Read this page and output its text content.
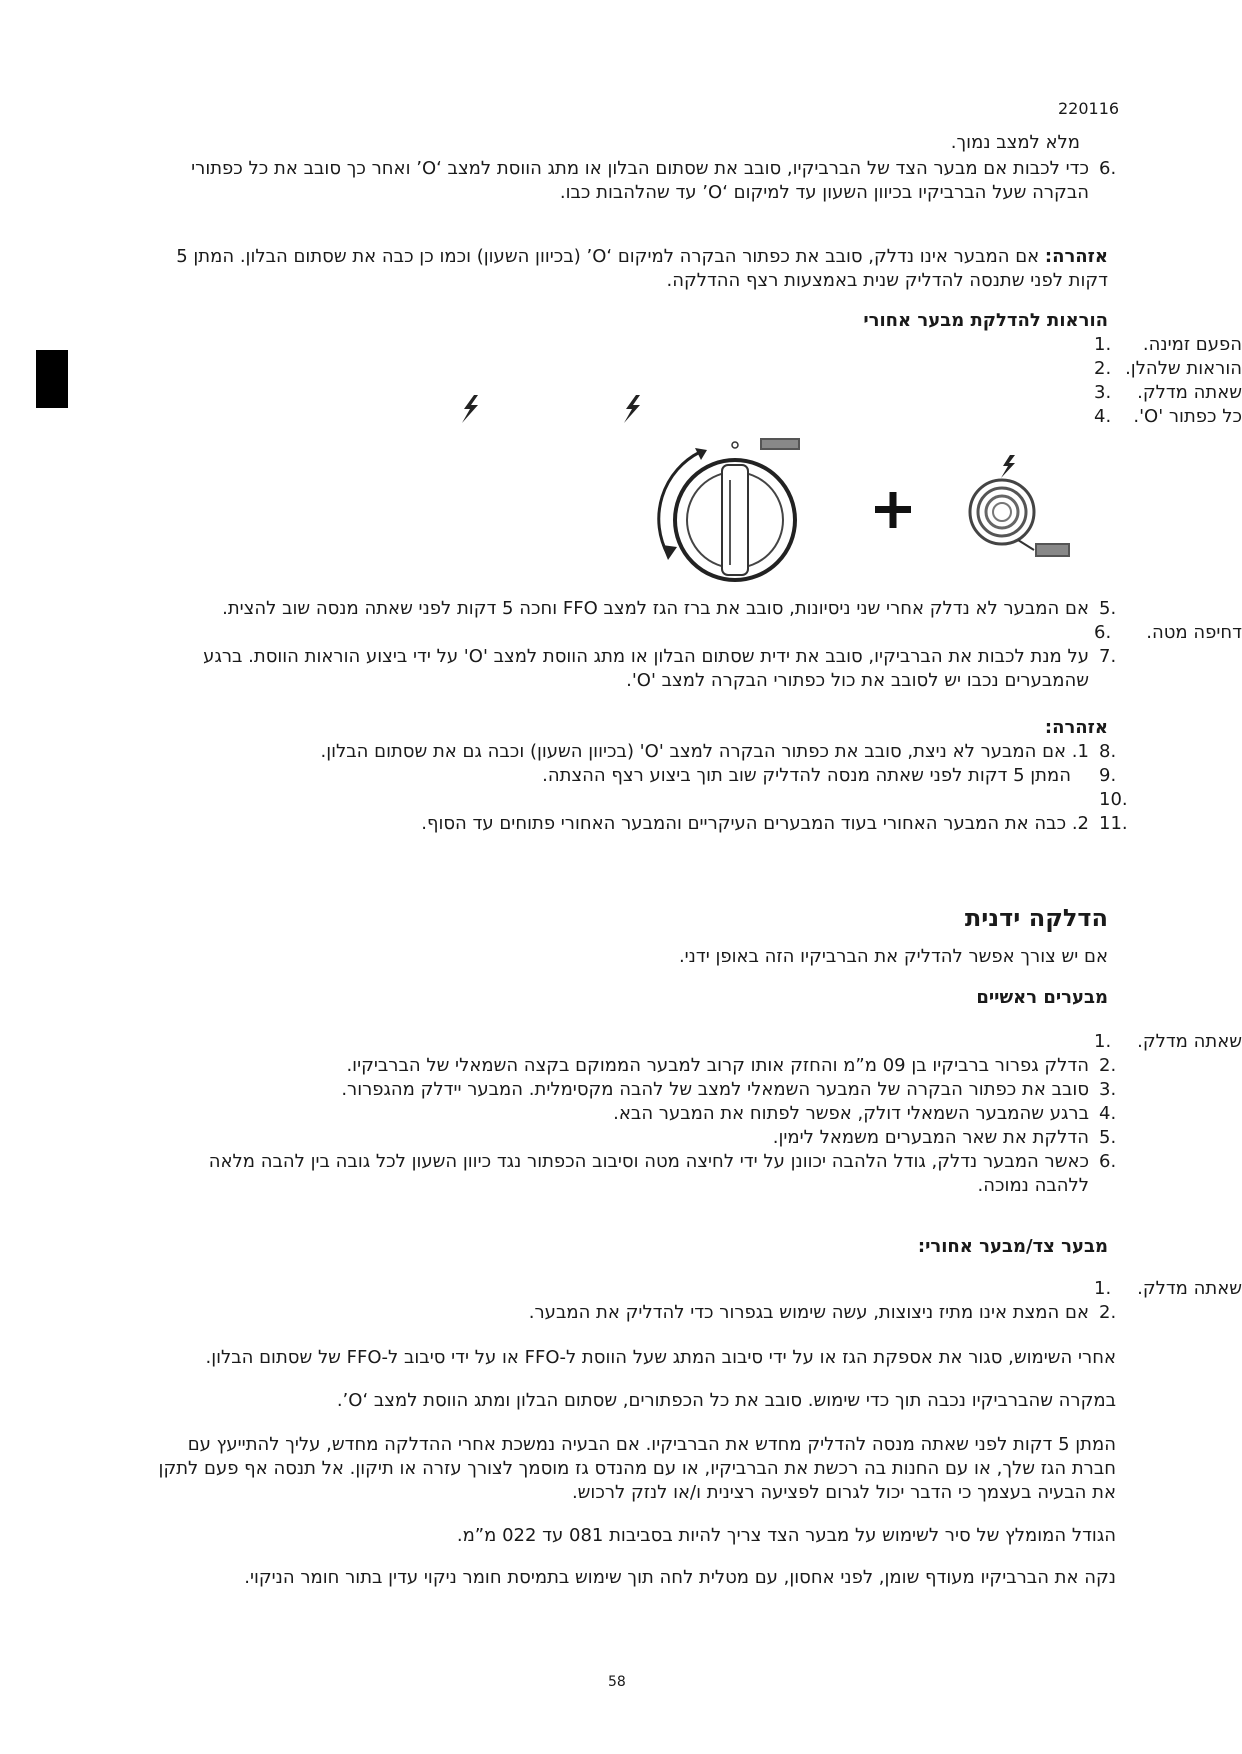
220116
מלא למצב נמוך.
6.
כדי לכבות אם מבער הצד של הברביקיו, סובב את שסתום הבלון או מתג הווסת למצב ‘O’ ואחר כך סובב את כל כפתורי
הבקרה שעל הברביקיו בכיוון השעון עד למיקום ‘O’ עד שהלהבות כבו.
אזהרה: אם המבער אינו נדלק, סובב את כפתור הבקרה למיקום ‘O’ (בכיוון השעון) וכמו כן כבה את שסתום הבלון. המתן 5
דקות לפני שתנסה להדליק שנית באמצעות רצף ההדלקה.
הוראות להדלקת מבער אחורי
הפעם זמינה.
הוראות שלהלן.
שאתה מדלק.
כל כפתור 'O'.
1.
2.
3.
4.
5.
אם המבער לא נדלק אחרי שני ניסיונות, סובב את ברז הגז למצב FFO וחכה 5 דקות לפני שאתה מנסה שוב להצית.
דחיפה מטה.
6.
7.
על מנת לכבות את הברביקיו, סובב את ידית שסתום הבלון או מתג הווסת למצב 'O' על ידי ביצוע הוראות הווסת. ברגע
שהמבערים נכבו יש לסובב את כול כפתורי הבקרה למצב 'O'.
אזהרה:
8.
1. אם המבער לא ניצת, סובב את כפתור הבקרה למצב 'O' (בכיוון השעון) וכבה גם את שסתום הבלון.
9.
המתן 5 דקות לפני שאתה מנסה להדליק שוב תוך ביצוע רצף ההצתה.
10.
11.
2. כבה את המבער האחורי בעוד המבערים העיקריים והמבער האחורי פתוחים עד הסוף.
הדלקה ידנית
אם יש צורך אפשר להדליק את הברביקיו הזה באופן ידני.
מבערים ראשיים
שאתה מדלק.
1.
2.
הדלק גפרור ברביקיו בן 09 מ”מ והחזק אותו קרוב למבער הממוקם בקצה השמאלי של הברביקיו.
3.
סובב את כפתור הבקרה של המבער השמאלי למצב של להבה מקסימלית. המבער יידלק מהגפרור.
4.
ברגע שהמבער השמאלי דולק, אפשר לפתוח את המבער הבא.
5.
הדלקת את שאר המבערים משמאל לימין.
6.
כאשר המבער נדלק, גודל הלהבה יכוונן על ידי לחיצה מטה וסיבוב הכפתור נגד כיוון השעון לכל גובה בין להבה מלאה
ללהבה נמוכה.
מבער צד/מבער אחורי:
שאתה מדלק.
1.
2.
אם המצת אינו מתיז ניצוצות, עשה שימוש בגפרור כדי להדליק את המבער.
אחרי השימוש, סגור את אספקת הגז או על ידי סיבוב המתג שעל הווסת ל-FFO או על ידי סיבוב ל-FFO של שסתום הבלון.
במקרה שהברביקיו נכבה תוך כדי שימוש. סובב את כל הכפתורים, שסתום הבלון ומתג הווסת למצב ‘O’.
המתן 5 דקות לפני שאתה מנסה להדליק מחדש את הברביקיו. אם הבעיה נמשכת אחרי ההדלקה מחדש, עליך להתייעץ עם
חברת הגז שלך, או עם החנות בה רכשת את הברביקיו, או עם מהנדס גז מוסמך לצורך עזרה או תיקון. אל תנסה אף פעם לתקן
את הבעיה בעצמך כי הדבר יכול לגרום לפציעה רצינית ו/או לנזק לרכוש.
הגודל המומלץ של סיר לשימוש על מבער הצד צריך להיות בסביבות 081 עד 022 מ”מ.
נקה את הברביקיו מעודף שומן, לפני אחסון, עם מטלית לחה תוך שימוש בתמיסת חומר ניקוי עדין בתור חומר הניקוי.
58
